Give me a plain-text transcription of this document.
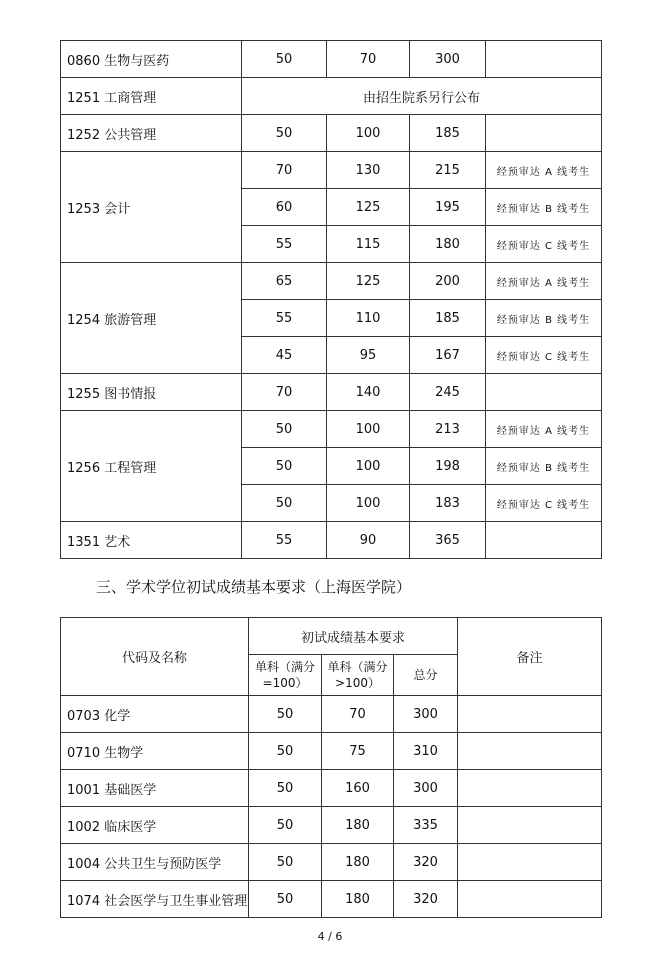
0860 生物与医药	50	70	300	
1251 工商管理	由招生院系另行公布			
1252 公共管理	50	100	185	
1253 会计	70	130	215	经预审达 A 线考生
	60	125	195	经预审达 B 线考生
	55	115	180	经预审达 C 线考生
1254 旅游管理	65	125	200	经预审达 A 线考生
	55	110	185	经预审达 B 线考生
	45	95	167	经预审达 C 线考生
1255 图书情报	70	140	245	
1256 工程管理	50	100	213	经预审达 A 线考生
	50	100	198	经预审达 B 线考生
	50	100	183	经预审达 C 线考生
1351 艺术	55	90	365	
三、学术学位初试成绩基本要求（上海医学院）
代码及名称	初试成绩基本要求			备注
	单科（满分=100）	单科（满分>100）	总分	
0703 化学	50	70	300	
0710 生物学	50	75	310	
1001 基础医学	50	160	300	
1002 临床医学	50	180	335	
1004 公共卫生与预防医学	50	180	320	
1074 社会医学与卫生事业管理	50	180	320	
4 / 6
